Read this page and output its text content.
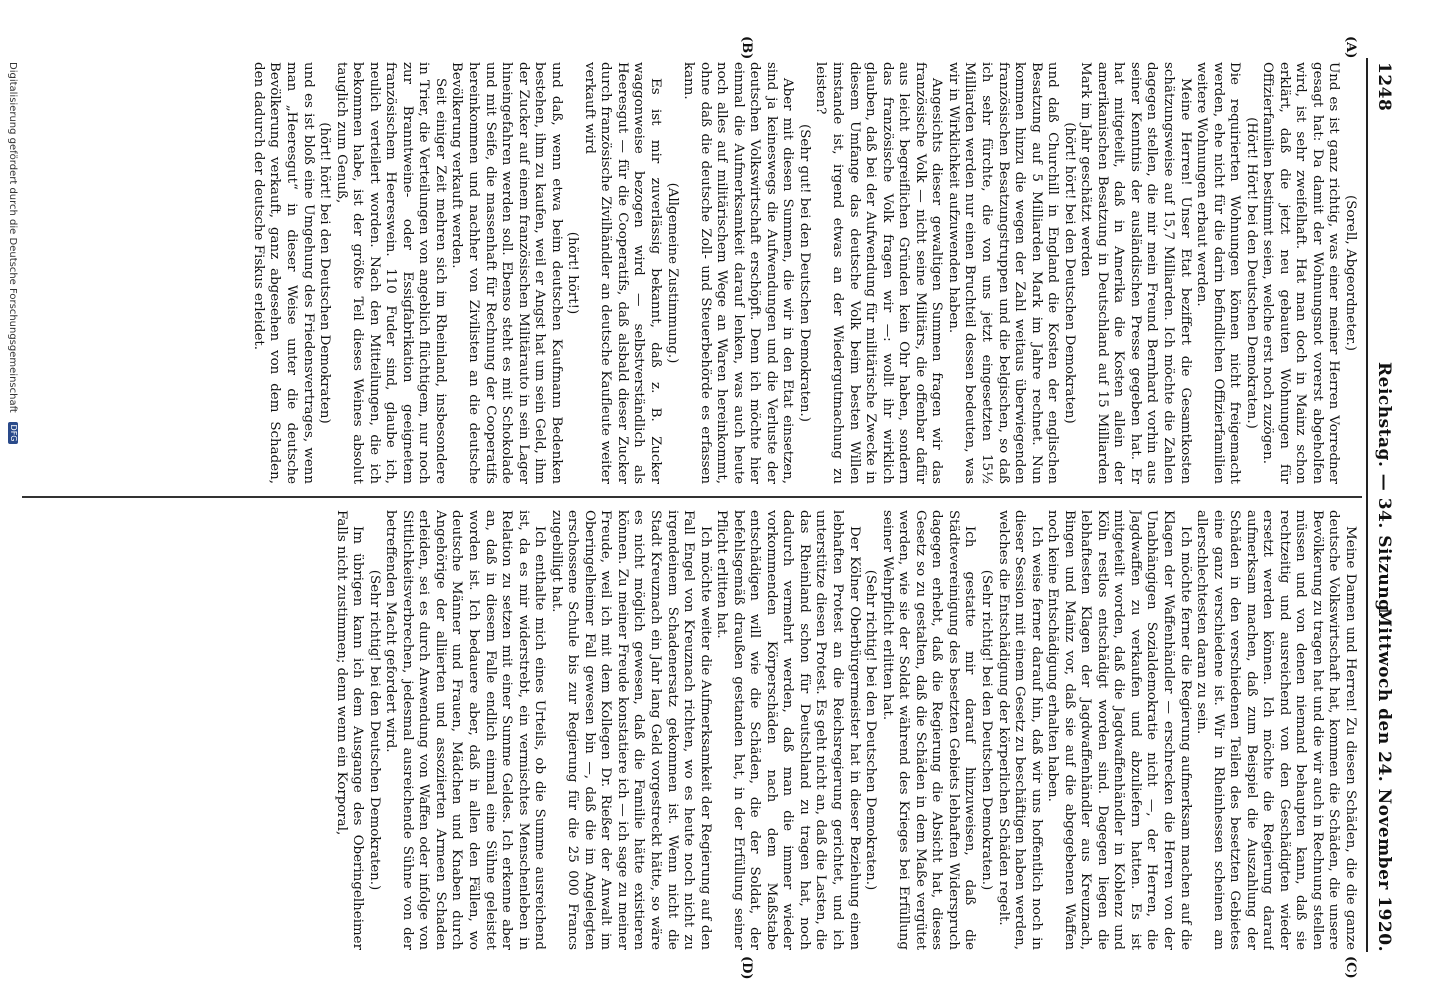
1248
Reichstag. — 34. Sitzung.
Mittwoch den 24. November 1920.
(A)
(B)
(C)
(D)

(Sorell, Abgeordneter.)

Und es ist ganz richtig, was einer meiner Herren Vorredner gesagt hat: Da damit der Wohnungsnot vorerst abgeholfen wird, ist sehr zweifelhaft. Hat man doch in Mainz schon erklärt, daß die jetzt neu gebauten Wohnungen für Offizierfamilien bestimmt seien, welche erst noch zuzögen.

(Hört! Hört! bei den Deutschen Demokraten.)

Die requirierten Wohnungen können nicht freigemacht werden, ehe nicht für die darin befindlichen Offizierfamilien weitere Wohnungen erbaut werden.

Meine Herren! Unser Etat beziffert die Gesamtkosten schätzungsweise auf 15,7 Milliarden. Ich möchte die Zahlen dagegen stellen, die mir mein Freund Bernhard vorhin aus seiner Kenntnis der ausländischen Presse gegeben hat. Er hat mitgeteilt, daß in Amerika die Kosten allein der amerikanischen Besatzung in Deutschland auf 15 Milliarden Mark im Jahr geschätzt werden

(hört! hört! bei den Deutschen Demokraten)

und daß Churchill in England die Kosten der englischen Besatzung auf 5 Milliarden Mark im Jahre rechnet. Nun kommen hinzu die wegen der Zahl weitaus überwiegenden französischen Besatzungstruppen und die belgischen, so daß ich sehr fürchte, die von uns jetzt eingesetzten 15½ Milliarden werden nur einen Bruchteil dessen bedeuten, was wir in Wirklichkeit aufzuwenden haben.

Angesichts dieser gewaltigen Summen fragen wir das französische Volk — nicht seine Militärs, die offenbar dafür aus leicht begreiflichen Gründen kein Ohr haben, sondern das französische Volk fragen wir —: wollt ihr wirklich glauben, daß bei der Aufwendung für militärische Zwecke in diesem Umfange das deutsche Volk beim besten Willen imstande ist, irgend etwas an der Wiedergutmachung zu leisten?

(Sehr gut! bei den Deutschen Demokraten.)

Aber mit diesen Summen, die wir in den Etat einsetzen, sind ja keineswegs die Aufwendungen und die Verluste der deutschen Volkswirtschaft erschöpft. Denn ich möchte hier einmal die Aufmerksamkeit darauf lenken, was auch heute noch alles auf militärischem Wege an Waren hereinkommt, ohne daß die deutsche Zoll- und Steuerbehörde es erfassen kann.

(Allgemeine Zustimmung.)

Es ist mir zuverlässig bekannt, daß z. B. Zucker waggonweise bezogen wird — selbstverständlich als Heeresgut — für die Cooperatifs, daß alsbald dieser Zucker durch französische Zivilhändler an deutsche Kaufleute weiter verkauft wird

(hört! hört!)

und daß, wenn etwa beim deutschen Kaufmann Bedenken bestehen, ihm zu kaufen, weil er Angst hat um sein Geld, ihm der Zucker auf einem französischen Militärauto in sein Lager hineingefahren werden soll. Ebenso steht es mit Schokolade und mit Seife, die massenhaft für Rechnung der Cooperatifs hereinkommen und nachher von Zivilisten an die deutsche Bevölkerung verkauft werden.

Seit einiger Zeit mehren sich im Rheinland, insbesondere in Trier, die Verteilungen von angeblich flüchtigem, nur noch zur Branntweine- oder Essigfabrikation geeignetem französischem Heereswein. 110 Fuder sind, glaube ich, neulich verteilert worden. Nach den Mitteilungen, die ich bekommen habe, ist der größte Teil dieses Weines absolut tauglich zum Genuß,

(hört! hört! bei den Deutschen Demokraten)

und es ist bloß eine Umgehung des Friedensvertrages, wenn man „Heeresgut“ in dieser Weise unter die deutsche Bevölkerung verkauft, ganz abgesehen von dem Schaden, den dadurch der deutsche Fiskus erleidet.

Meine Damen und Herren! Zu diesen Schäden, die die ganze deutsche Volkswirtschaft hat, kommen die Schäden, die unsere Bevölkerung zu tragen hat und die wir auch in Rechnung stellen müssen und von denen niemand behaupten kann, daß sie rechtzeitig und ausreichend von den Geschädigten wieder ersetzt werden können. Ich möchte die Regierung darauf aufmerksam machen, daß zum Beispiel die Auszahlung der Schäden in den verschiedenen Teilen des besetzten Gebietes eine ganz verschiedene ist. Wir in Rheinhessen scheinen am allerschlechtesten daran zu sein.

Ich möchte ferner die Regierung aufmerksam machen auf die Klagen der Waffenhändler — erschrecken die Herren von der Unabhängigen Sozialdemokratie nicht —, der Herren, die Jagdwaffen zu verkaufen und abzuliefern hatten. Es ist mitgeteilt worden, daß die Jagdwaffenhändler in Koblenz und Köln restlos entschädigt worden sind. Dagegen liegen die lebhaftesten Klagen der Jagdwaffenhändler aus Kreuznach, Bingen und Mainz vor, daß sie auf die abgegebenen Waffen noch keine Entschädigung erhalten haben.

Ich weise ferner darauf hin, daß wir uns hoffentlich noch in dieser Session mit einem Gesetz zu beschäftigen haben werden, welches die Entschädigung der körperlichen Schäden regelt.

(Sehr richtig! bei den Deutschen Demokraten.)

Ich gestatte mir darauf hinzuweisen, daß die Städtevereinigung des besetzten Gebiets lebhaften Widerspruch dagegen erhebt, daß die Regierung die Absicht hat, dieses Gesetz so zu gestalten, daß die Schäden in dem Maße vergütet werden, wie sie der Soldat während des Krieges bei Erfüllung seiner Wehrpflicht erlitten hat.

(Sehr richtig! bei den Deutschen Demokraten.)

Der Kölner Oberbürgermeister hat in dieser Beziehung einen lebhaften Protest an die Reichsregierung gerichtet, und ich unterstütze diesen Protest. Es geht nicht an, daß die Lasten, die das Rheinland schon für Deutschland zu tragen hat, noch dadurch vermehrt werden, daß man die immer wieder vorkommenden Körperschäden nach dem Maßstabe entschädigen will wie die Schäden, die der Soldat, der befehlsgemäß draußen gestanden hat, in der Erfüllung seiner Pflicht erlitten hat.

Ich möchte weiter die Aufmerksamkeit der Regierung auf den Fall Engel von Kreuznach richten, wo es heute noch nicht zu irgendeinem Schadenersatz gekommen ist. Wenn nicht die Stadt Kreuznach ein Jahr lang Geld vorgestreckt hätte, so wäre es nicht möglich gewesen, daß die Familie hätte existieren können. Zu meiner Freude konstatiere ich — ich sage zu meiner Freude, weil ich mit dem Kollegen Dr. Rießer der Anwalt im Oberingelheimer Fall gewesen bin —, daß die im Angelegten erschossene Schule bis zur Regierung für die 25 000 Francs zugebilligt hat.

Ich enthalte mich eines Urteils, ob die Summe ausreichend ist, da es mir widerstrebt, ein vermischtes Menschenleben in Relation zu setzen mit einer Summe Geldes. Ich erkenne aber an, daß in diesem Falle endlich einmal eine Sühne geleistet worden ist. Ich bedauere aber, daß in allen den Fällen, wo deutsche Männer und Frauen, Mädchen und Knaben durch Angehörige der alliierten und assoziierten Armeen Schaden erleiden, sei es durch Anwendung von Waffen oder infolge von Sittlichkeitsverbrechen, jedesmal ausreichende Sühne von der betreffenden Macht gefordert wird.

(Sehr richtig! bei den Deutschen Demokraten.)

Im übrigen kann ich dem Ausgange des Oberingelheimer Falls nicht zustimmen; denn wenn ein Korporal,

Digitalisierung gefördert durch die Deutsche Forschungsgemeinschaft DFG
